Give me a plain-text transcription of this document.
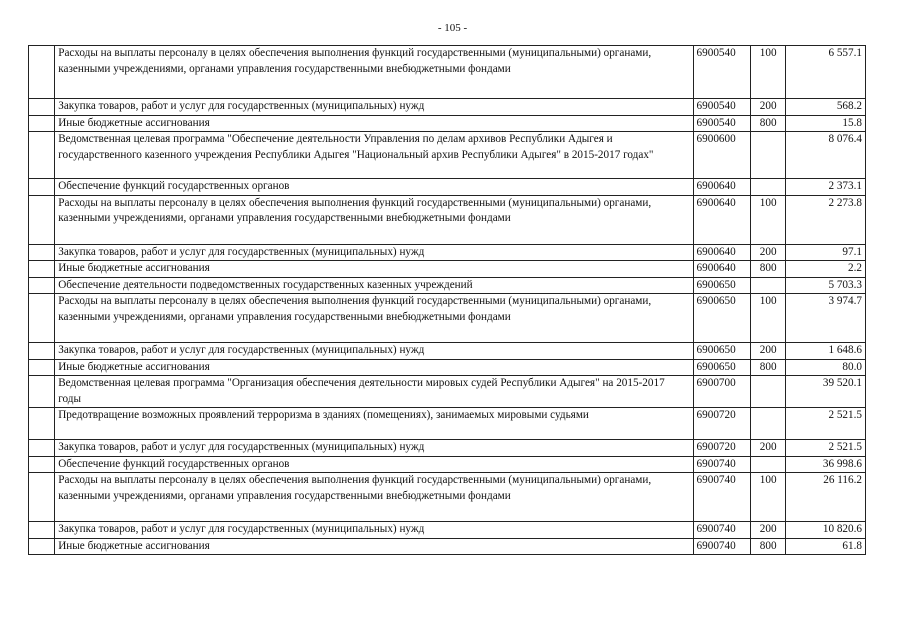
- 105 -
	Расходы на выплаты персоналу в целях обеспечения выполнения функций государственными (муниципальными) органами, казенными учреждениями, органами управления государственными внебюджетными фондами	6900540	100	6 557.1
	Закупка товаров, работ и услуг для государственных (муниципальных) нужд	6900540	200	568.2
	Иные бюджетные ассигнования	6900540	800	15.8
	Ведомственная целевая программа "Обеспечение деятельности Управления по делам архивов Республики Адыгея и государственного казенного учреждения Республики Адыгея "Национальный архив Республики Адыгея" в 2015-2017 годах"	6900600		8 076.4
	Обеспечение функций государственных органов	6900640		2 373.1
	Расходы на выплаты персоналу в целях обеспечения выполнения функций государственными (муниципальными) органами, казенными учреждениями, органами управления государственными внебюджетными фондами	6900640	100	2 273.8
	Закупка товаров, работ и услуг для государственных (муниципальных) нужд	6900640	200	97.1
	Иные бюджетные ассигнования	6900640	800	2.2
	Обеспечение деятельности подведомственных государственных казенных учреждений	6900650		5 703.3
	Расходы на выплаты персоналу в целях обеспечения выполнения функций государственными (муниципальными) органами, казенными учреждениями, органами управления государственными внебюджетными фондами	6900650	100	3 974.7
	Закупка товаров, работ и услуг для государственных (муниципальных) нужд	6900650	200	1 648.6
	Иные бюджетные ассигнования	6900650	800	80.0
	Ведомственная целевая программа "Организация обеспечения деятельности мировых судей Республики Адыгея" на 2015-2017 годы	6900700		39 520.1
	Предотвращение возможных проявлений терроризма в зданиях (помещениях), занимаемых мировыми судьями	6900720		2 521.5
	Закупка товаров, работ и услуг для государственных (муниципальных) нужд	6900720	200	2 521.5
	Обеспечение функций государственных органов	6900740		36 998.6
	Расходы на выплаты персоналу в целях обеспечения выполнения функций государственными (муниципальными) органами, казенными учреждениями, органами управления государственными внебюджетными фондами	6900740	100	26 116.2
	Закупка товаров, работ и услуг для государственных (муниципальных) нужд	6900740	200	10 820.6
	Иные бюджетные ассигнования	6900740	800	61.8
